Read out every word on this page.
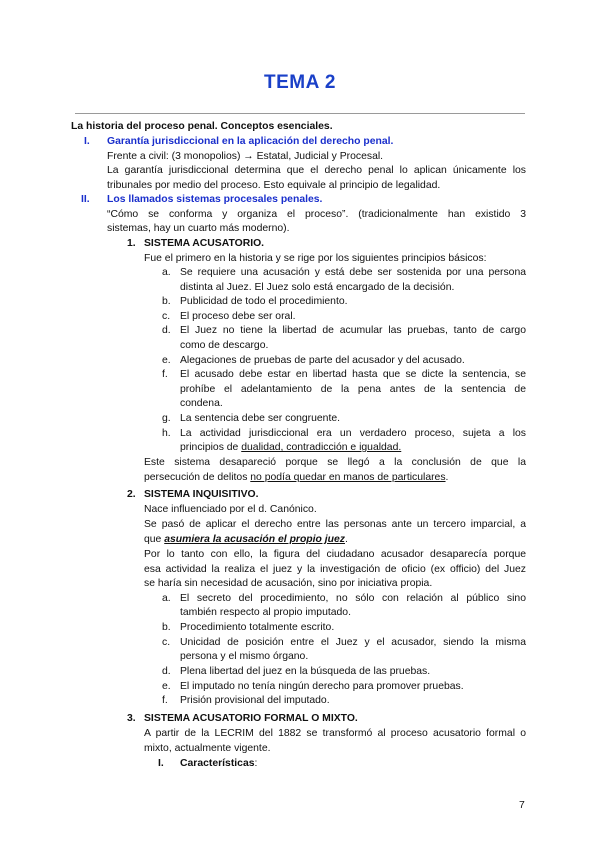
TEMA 2
La historia del proceso penal. Conceptos esenciales.
I. Garantía jurisdiccional en la aplicación del derecho penal.
Frente a civil: (3 monopolios) → Estatal, Judicial y Procesal.
La garantía jurisdiccional determina que el derecho penal lo aplican únicamente los
tribunales por medio del proceso. Esto equivale al principio de legalidad.
II. Los llamados sistemas procesales penales.
“Cómo se conforma y organiza el proceso”. (tradicionalmente han existido 3
sistemas, hay un cuarto más moderno).
1. SISTEMA ACUSATORIO.
Fue el primero en la historia y se rige por los siguientes principios básicos:
a. Se requiere una acusación y está debe ser sostenida por una persona
distinta al Juez. El Juez solo está encargado de la decisión.
b. Publicidad de todo el procedimiento.
c. El proceso debe ser oral.
d. El Juez no tiene la libertad de acumular las pruebas, tanto de cargo
como de descargo.
e. Alegaciones de pruebas de parte del acusador y del acusado.
f. El acusado debe estar en libertad hasta que se dicte la sentencia, se
prohíbe el adelantamiento de la pena antes de la sentencia de
condena.
g. La sentencia debe ser congruente.
h. La actividad jurisdiccional era un verdadero proceso, sujeta a los
principios de dualidad, contradicción e igualdad.
Este sistema desapareció porque se llegó a la conclusión de que la
persecución de delitos no podía quedar en manos de particulares.
2. SISTEMA INQUISITIVO.
Nace influenciado por el d. Canónico.
Se pasó de aplicar el derecho entre las personas ante un tercero imparcial, a
que asumiera la acusación el propio juez.
Por lo tanto con ello, la figura del ciudadano acusador desaparecía porque
esa actividad la realiza el juez y la investigación de oficio (ex officio) del Juez
se haría sin necesidad de acusación, sino por iniciativa propia.
a. El secreto del procedimiento, no sólo con relación al público sino
también respecto al propio imputado.
b. Procedimiento totalmente escrito.
c. Unicidad de posición entre el Juez y el acusador, siendo la misma
persona y el mismo órgano.
d. Plena libertad del juez en la búsqueda de las pruebas.
e. El imputado no tenía ningún derecho para promover pruebas.
f. Prisión provisional del imputado.
3. SISTEMA ACUSATORIO FORMAL O MIXTO.
A partir de la LECRIM del 1882 se transformó al proceso acusatorio formal o
mixto, actualmente vigente.
I. Características:
7
